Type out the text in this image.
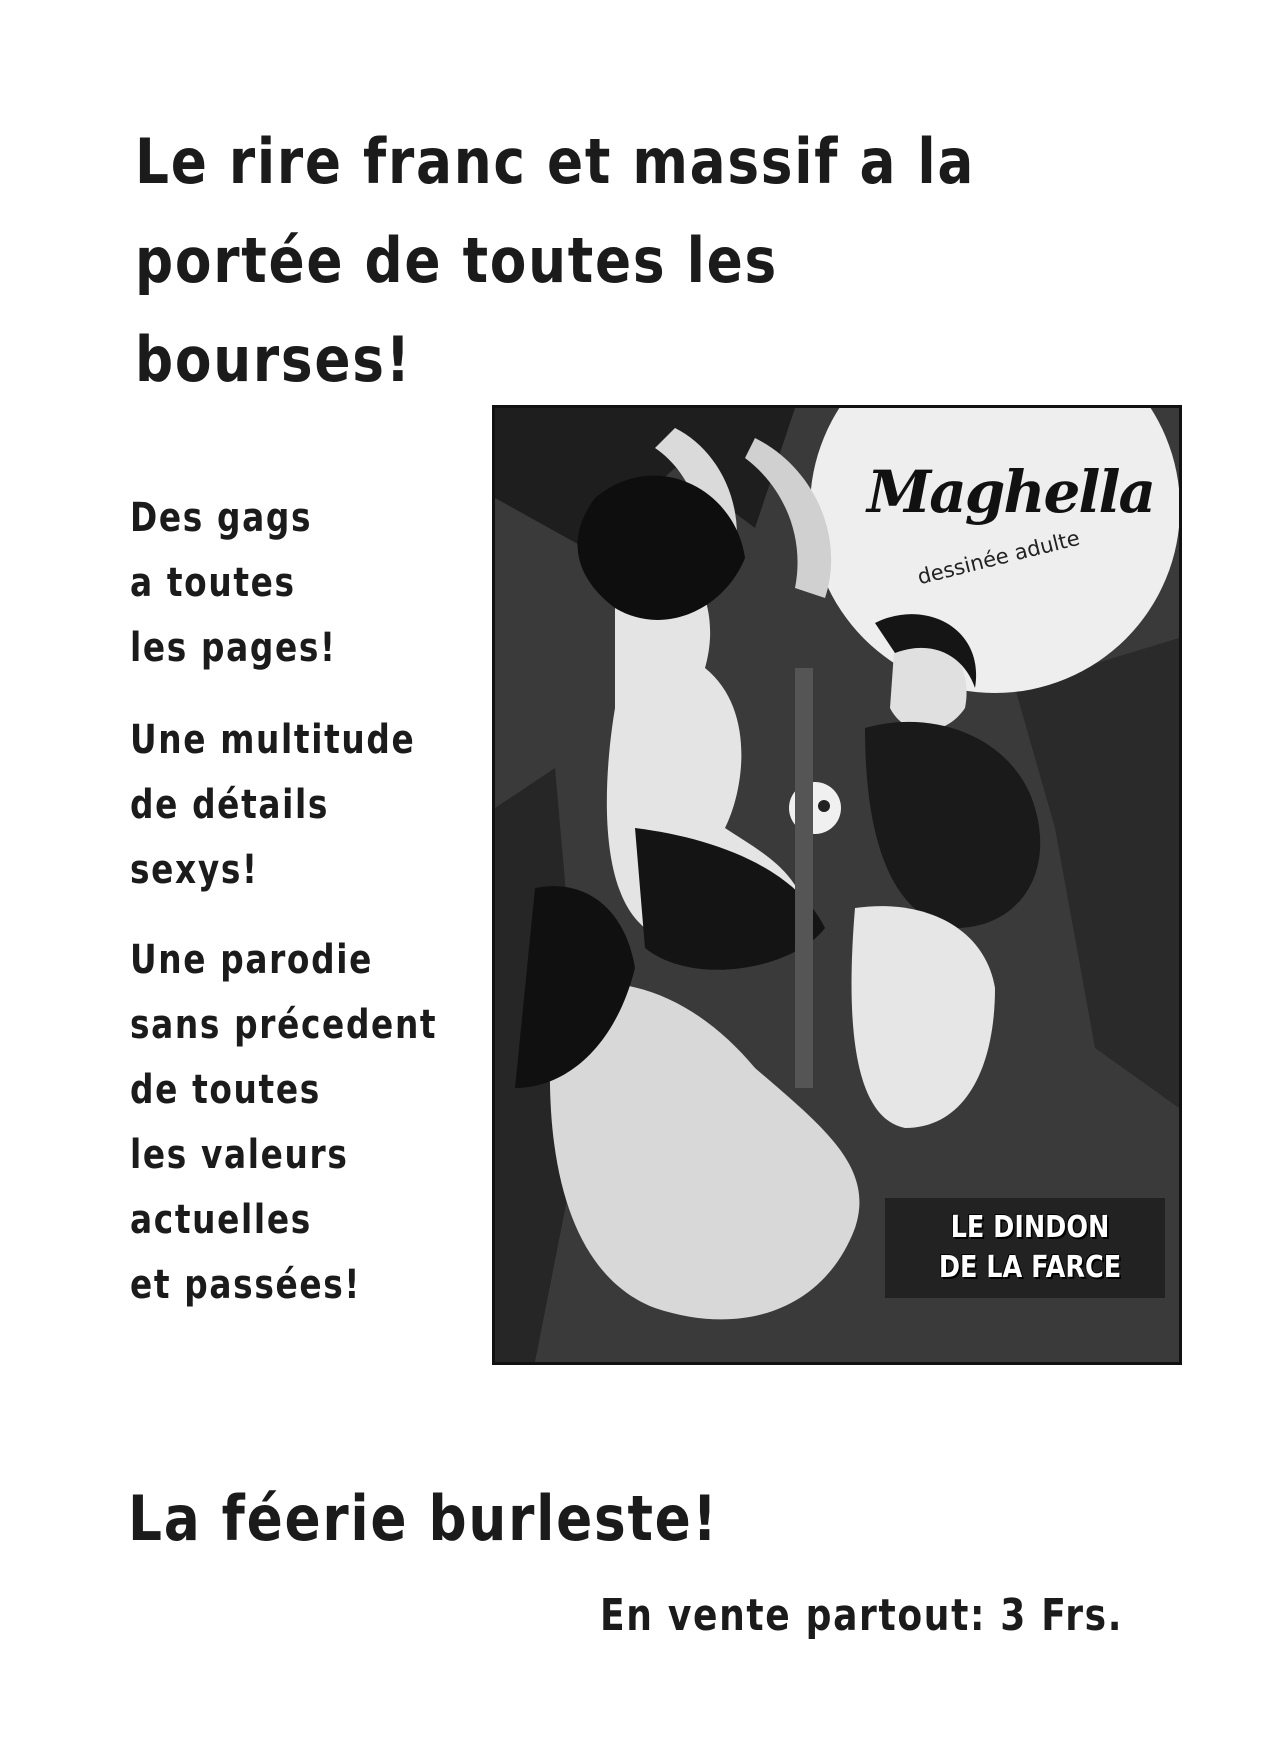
Le rire franc et massif a la
portée de toutes les bourses!
Des gags
a toutes
les pages!
Une multitude
de détails
sexys!
Une parodie
sans précedent
de toutes
les valeurs
actuelles
et passées!
Maghella
dessinée adulte
LE DINDON
DE LA FARCE
La féerie burleste!
En vente partout: 3 Frs.
